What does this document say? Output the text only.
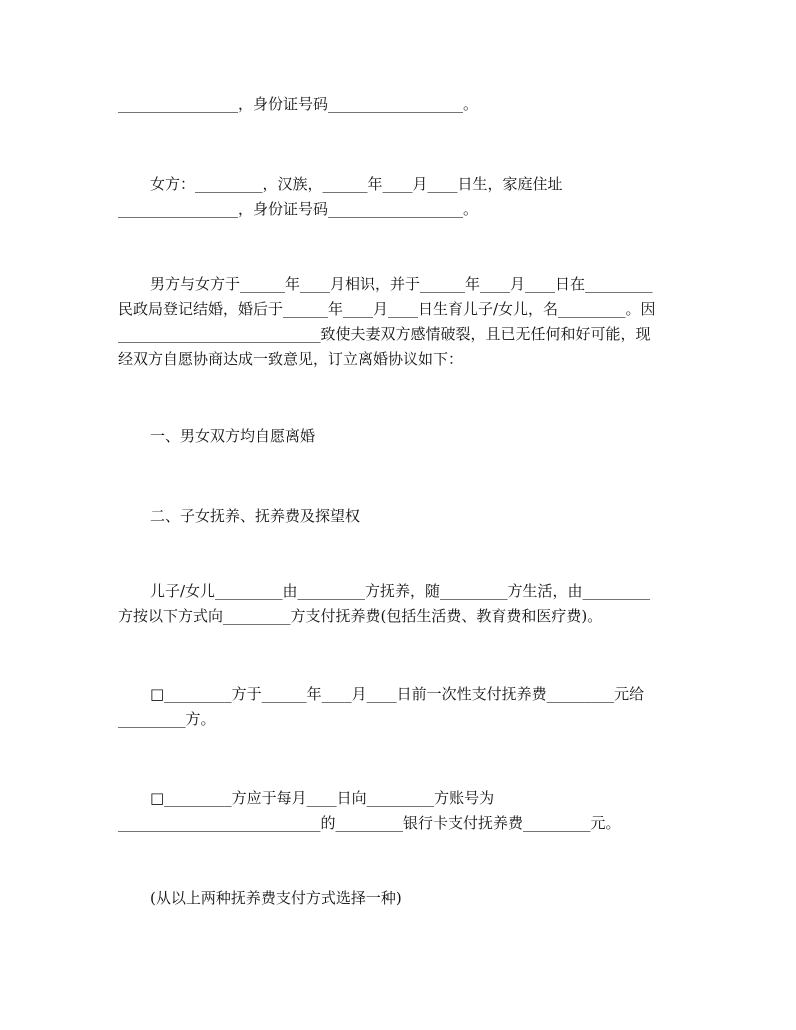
________________，身份证号码__________________。
女方：_________，汉族，______年____月____日生，家庭住址
________________，身份证号码__________________。
男方与女方于______年____月相识，并于______年____月____日在_________
民政局登记结婚，婚后于______年____月____日生育儿子/女儿，名_________。因
___________________________致使夫妻双方感情破裂，且已无任何和好可能，现
经双方自愿协商达成一致意见，订立离婚协议如下：
一、男女双方均自愿离婚
二、子女抚养、抚养费及探望权
儿子/女儿_________由_________方抚养，随_________方生活，由_________
方按以下方式向_________方支付抚养费(包括生活费、教育费和医疗费)。
□_________方于______年____月____日前一次性支付抚养费_________元给
_________方。
□_________方应于每月____日向_________方账号为
___________________________的_________银行卡支付抚养费_________元。
(从以上两种抚养费支付方式选择一种)
